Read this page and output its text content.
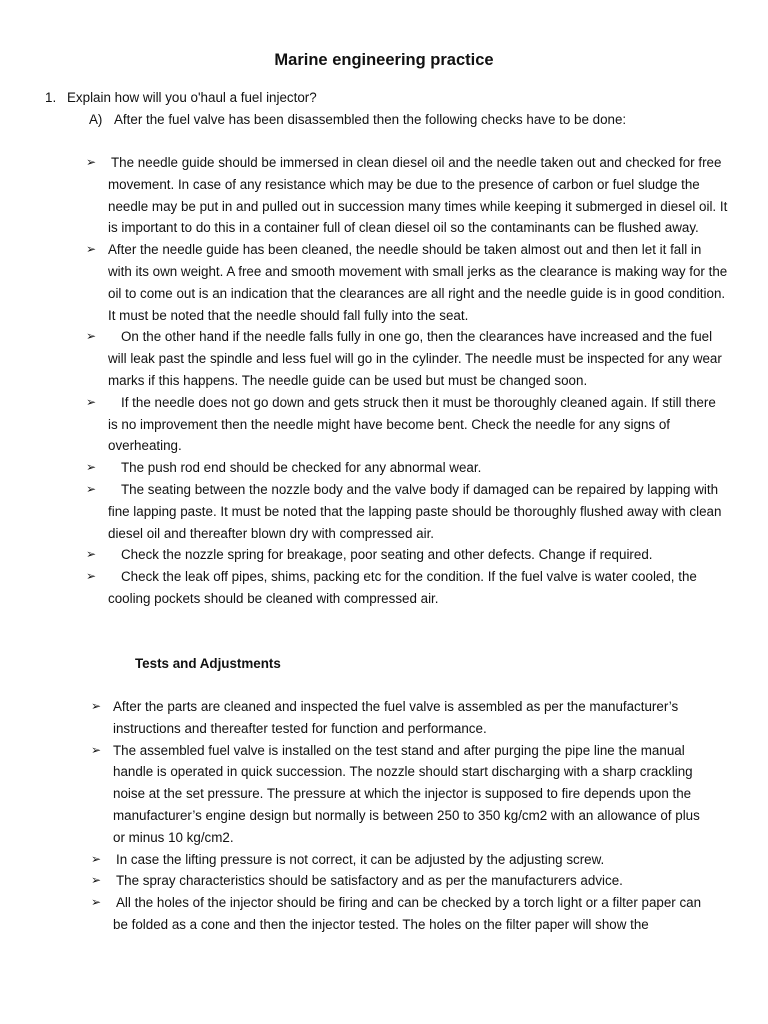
Marine engineering practice
1. Explain how will you o'haul a fuel injector?
A) After the fuel valve has been disassembled then the following checks have to be done:
➢ The needle guide should be immersed in clean diesel oil and the needle taken out and checked for free movement. In case of any resistance which may be due to the presence of carbon or fuel sludge the needle may be put in and pulled out in succession many times while keeping it submerged in diesel oil. It is important to do this in a container full of clean diesel oil so the contaminants can be flushed away.
➢ After the needle guide has been cleaned, the needle should be taken almost out and then let it fall in with its own weight. A free and smooth movement with small jerks as the clearance is making way for the oil to come out is an indication that the clearances are all right and the needle guide is in good condition. It must be noted that the needle should fall fully into the seat.
➢	On the other hand if the needle falls fully in one go, then the clearances have increased and the fuel will leak past the spindle and less fuel will go in the cylinder. The needle must be inspected for any wear marks if this happens. The needle guide can be used but must be changed soon.
➢	If the needle does not go down and gets struck then it must be thoroughly cleaned again. If still there is no improvement then the needle might have become bent. Check the needle for any signs of overheating.
➢	The push rod end should be checked for any abnormal wear.
➢	The seating between the nozzle body and the valve body if damaged can be repaired by lapping with fine lapping paste. It must be noted that the lapping paste should be thoroughly flushed away with clean diesel oil and thereafter blown dry with compressed air.
➢	Check the nozzle spring for breakage, poor seating and other defects. Change if required.
➢	Check the leak off pipes, shims, packing etc for the condition. If the fuel valve is water cooled, the cooling pockets should be cleaned with compressed air.
Tests and Adjustments
➢ After the parts are cleaned and inspected the fuel valve is assembled as per the manufacturer’s instructions and thereafter tested for function and performance.
➢ The assembled fuel valve is installed on the test stand and after purging the pipe line the manual handle is operated in quick succession. The nozzle should start discharging with a sharp crackling noise at the set pressure. The pressure at which the injector is supposed to fire depends upon the manufacturer’s engine design but normally is between 250 to 350 kg/cm2 with an allowance of plus or minus 10 kg/cm2.
➢ In case the lifting pressure is not correct, it can be adjusted by the adjusting screw.
➢ The spray characteristics should be satisfactory and as per the manufacturers advice.
➢ All the holes of the injector should be firing and can be checked by a torch light or a filter paper can be folded as a cone and then the injector tested. The holes on the filter paper will show the
